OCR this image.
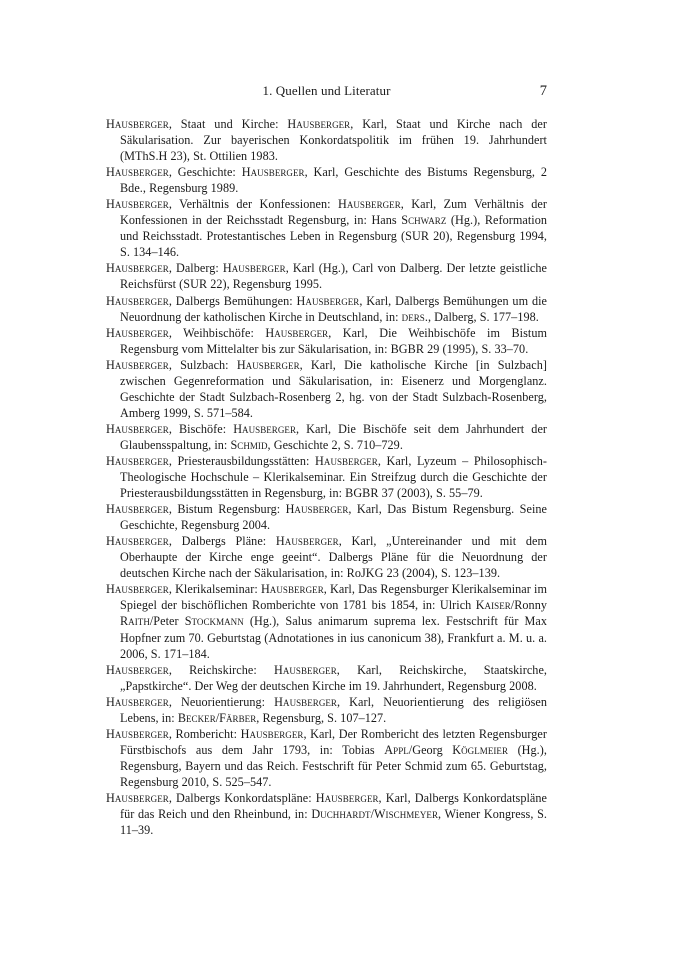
1. Quellen und Literatur	7

Hausberger, Staat und Kirche: Hausberger, Karl, Staat und Kirche nach der Säkularisation. Zur bayerischen Konkordatspolitik im frühen 19. Jahrhundert (MThS.H 23), St. Ottilien 1983.

Hausberger, Geschichte: Hausberger, Karl, Geschichte des Bistums Regensburg, 2 Bde., Regensburg 1989.

Hausberger, Verhältnis der Konfessionen: Hausberger, Karl, Zum Verhältnis der Konfessionen in der Reichsstadt Regensburg, in: Hans Schwarz (Hg.), Reformation und Reichsstadt. Protestantisches Leben in Regensburg (SUR 20), Regensburg 1994, S. 134–146.

Hausberger, Dalberg: Hausberger, Karl (Hg.), Carl von Dalberg. Der letzte geistliche Reichsfürst (SUR 22), Regensburg 1995.

Hausberger, Dalbergs Bemühungen: Hausberger, Karl, Dalbergs Bemühungen um die Neuordnung der katholischen Kirche in Deutschland, in: ders., Dalberg, S. 177–198.

Hausberger, Weihbischöfe: Hausberger, Karl, Die Weihbischöfe im Bistum Regensburg vom Mittelalter bis zur Säkularisation, in: BGBR 29 (1995), S. 33–70.

Hausberger, Sulzbach: Hausberger, Karl, Die katholische Kirche [in Sulzbach] zwischen Gegenreformation und Säkularisation, in: Eisenerz und Morgenglanz. Geschichte der Stadt Sulzbach-Rosenberg 2, hg. von der Stadt Sulzbach-Rosenberg, Amberg 1999, S. 571–584.

Hausberger, Bischöfe: Hausberger, Karl, Die Bischöfe seit dem Jahrhundert der Glaubensspaltung, in: Schmid, Geschichte 2, S. 710–729.

Hausberger, Priesterausbildungsstätten: Hausberger, Karl, Lyzeum – Philosophisch-Theologische Hochschule – Klerikalseminar. Ein Streifzug durch die Geschichte der Priesterausbildungsstätten in Regensburg, in: BGBR 37 (2003), S. 55–79.

Hausberger, Bistum Regensburg: Hausberger, Karl, Das Bistum Regensburg. Seine Geschichte, Regensburg 2004.

Hausberger, Dalbergs Pläne: Hausberger, Karl, „Untereinander und mit dem Oberhaupte der Kirche enge geeint“. Dalbergs Pläne für die Neuordnung der deutschen Kirche nach der Säkularisation, in: RoJKG 23 (2004), S. 123–139.

Hausberger, Klerikalseminar: Hausberger, Karl, Das Regensburger Klerikalseminar im Spiegel der bischöflichen Romberichte von 1781 bis 1854, in: Ulrich Kaiser/Ronny Raith/Peter Stockmann (Hg.), Salus animarum suprema lex. Festschrift für Max Hopfner zum 70. Geburtstag (Adnotationes in ius canonicum 38), Frankfurt a. M. u. a. 2006, S. 171–184.

Hausberger, Reichskirche: Hausberger, Karl, Reichskirche, Staatskirche, „Papstkirche“. Der Weg der deutschen Kirche im 19. Jahrhundert, Regensburg 2008.

Hausberger, Neuorientierung: Hausberger, Karl, Neuorientierung des religiösen Lebens, in: Becker/Färber, Regensburg, S. 107–127.

Hausberger, Rombericht: Hausberger, Karl, Der Rombericht des letzten Regensburger Fürstbischofs aus dem Jahr 1793, in: Tobias Appl/Georg Köglmeier (Hg.), Regensburg, Bayern und das Reich. Festschrift für Peter Schmid zum 65. Geburtstag, Regensburg 2010, S. 525–547.

Hausberger, Dalbergs Konkordatspläne: Hausberger, Karl, Dalbergs Konkordatspläne für das Reich und den Rheinbund, in: Duchhardt/Wischmeyer, Wiener Kongress, S. 11–39.
